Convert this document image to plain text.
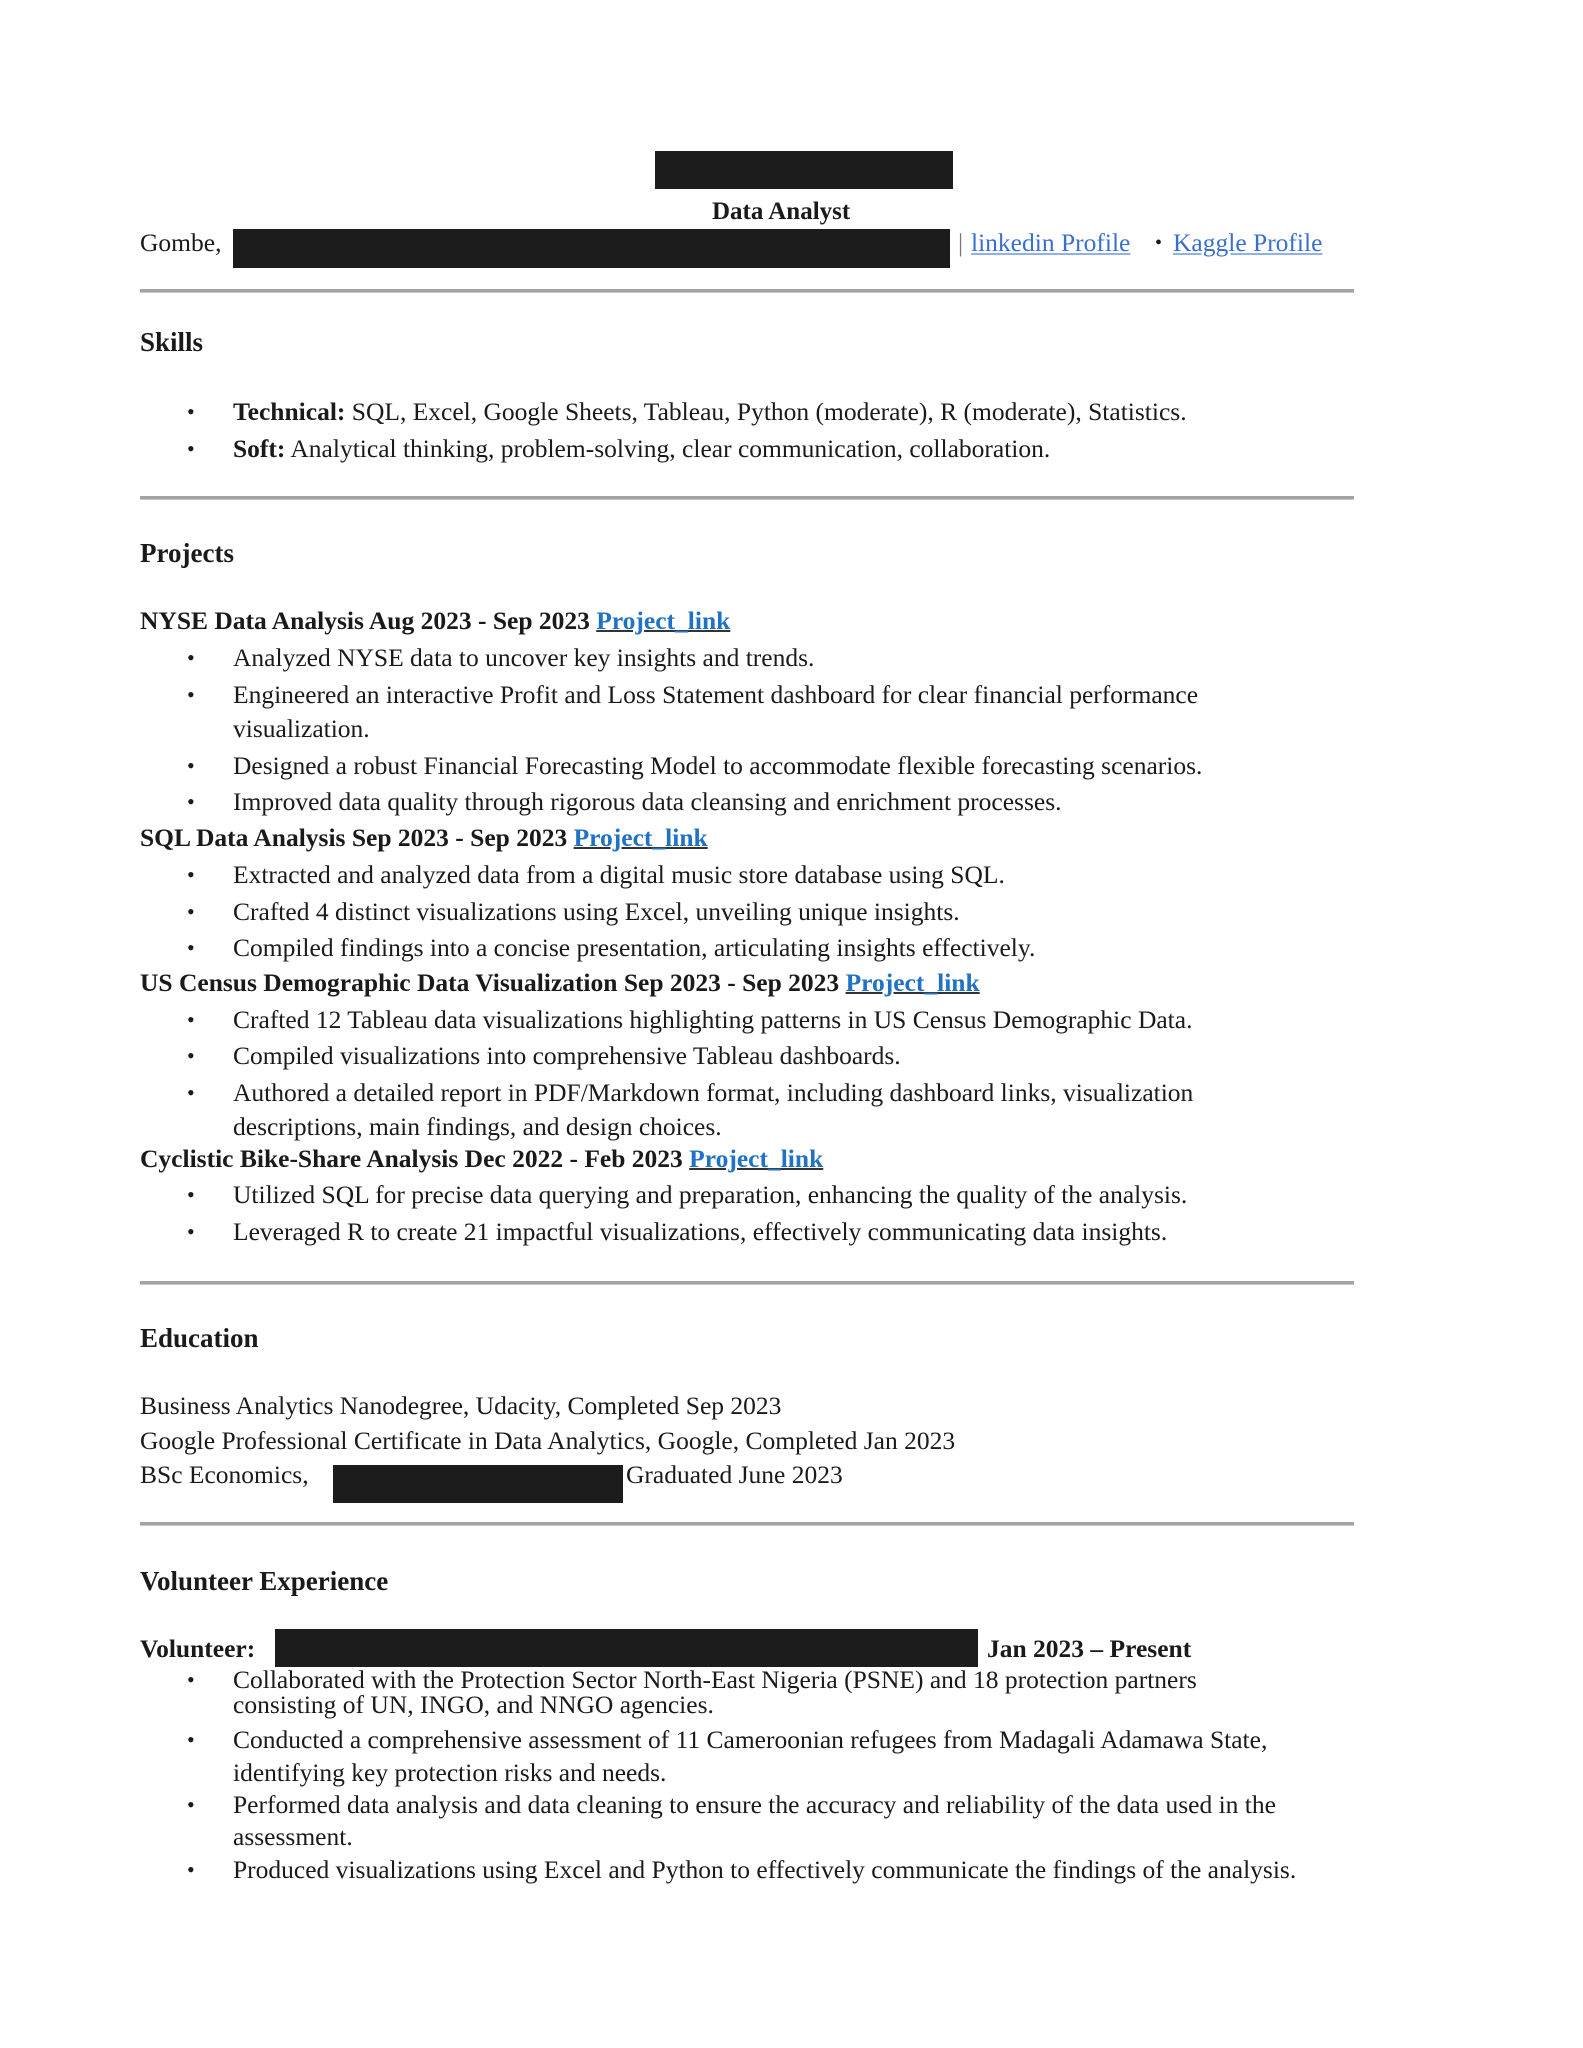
Data Analyst
Gombe,	| linkedin Profile • Kaggle Profile
Skills
• Technical: SQL, Excel, Google Sheets, Tableau, Python (moderate), R (moderate), Statistics.
• Soft: Analytical thinking, problem-solving, clear communication, collaboration.
Projects
NYSE Data Analysis Aug 2023 - Sep 2023 Project_link
• Analyzed NYSE data to uncover key insights and trends.
• Engineered an interactive Profit and Loss Statement dashboard for clear financial performance
visualization.
• Designed a robust Financial Forecasting Model to accommodate flexible forecasting scenarios.
• Improved data quality through rigorous data cleansing and enrichment processes.
SQL Data Analysis Sep 2023 - Sep 2023 Project_link
• Extracted and analyzed data from a digital music store database using SQL.
• Crafted 4 distinct visualizations using Excel, unveiling unique insights.
• Compiled findings into a concise presentation, articulating insights effectively.
US Census Demographic Data Visualization Sep 2023 - Sep 2023 Project_link
• Crafted 12 Tableau data visualizations highlighting patterns in US Census Demographic Data.
• Compiled visualizations into comprehensive Tableau dashboards.
• Authored a detailed report in PDF/Markdown format, including dashboard links, visualization
descriptions, main findings, and design choices.
Cyclistic Bike-Share Analysis Dec 2022 - Feb 2023 Project_link
• Utilized SQL for precise data querying and preparation, enhancing the quality of the analysis.
• Leveraged R to create 21 impactful visualizations, effectively communicating data insights.
Education
Business Analytics Nanodegree, Udacity, Completed Sep 2023
Google Professional Certificate in Data Analytics, Google, Completed Jan 2023
BSc Economics,	Graduated June 2023
Volunteer Experience
Volunteer:	Jan 2023 – Present
• Collaborated with the Protection Sector North-East Nigeria (PSNE) and 18 protection partners
consisting of UN, INGO, and NNGO agencies.
• Conducted a comprehensive assessment of 11 Cameroonian refugees from Madagali Adamawa State,
identifying key protection risks and needs.
• Performed data analysis and data cleaning to ensure the accuracy and reliability of the data used in the
assessment.
• Produced visualizations using Excel and Python to effectively communicate the findings of the analysis.
